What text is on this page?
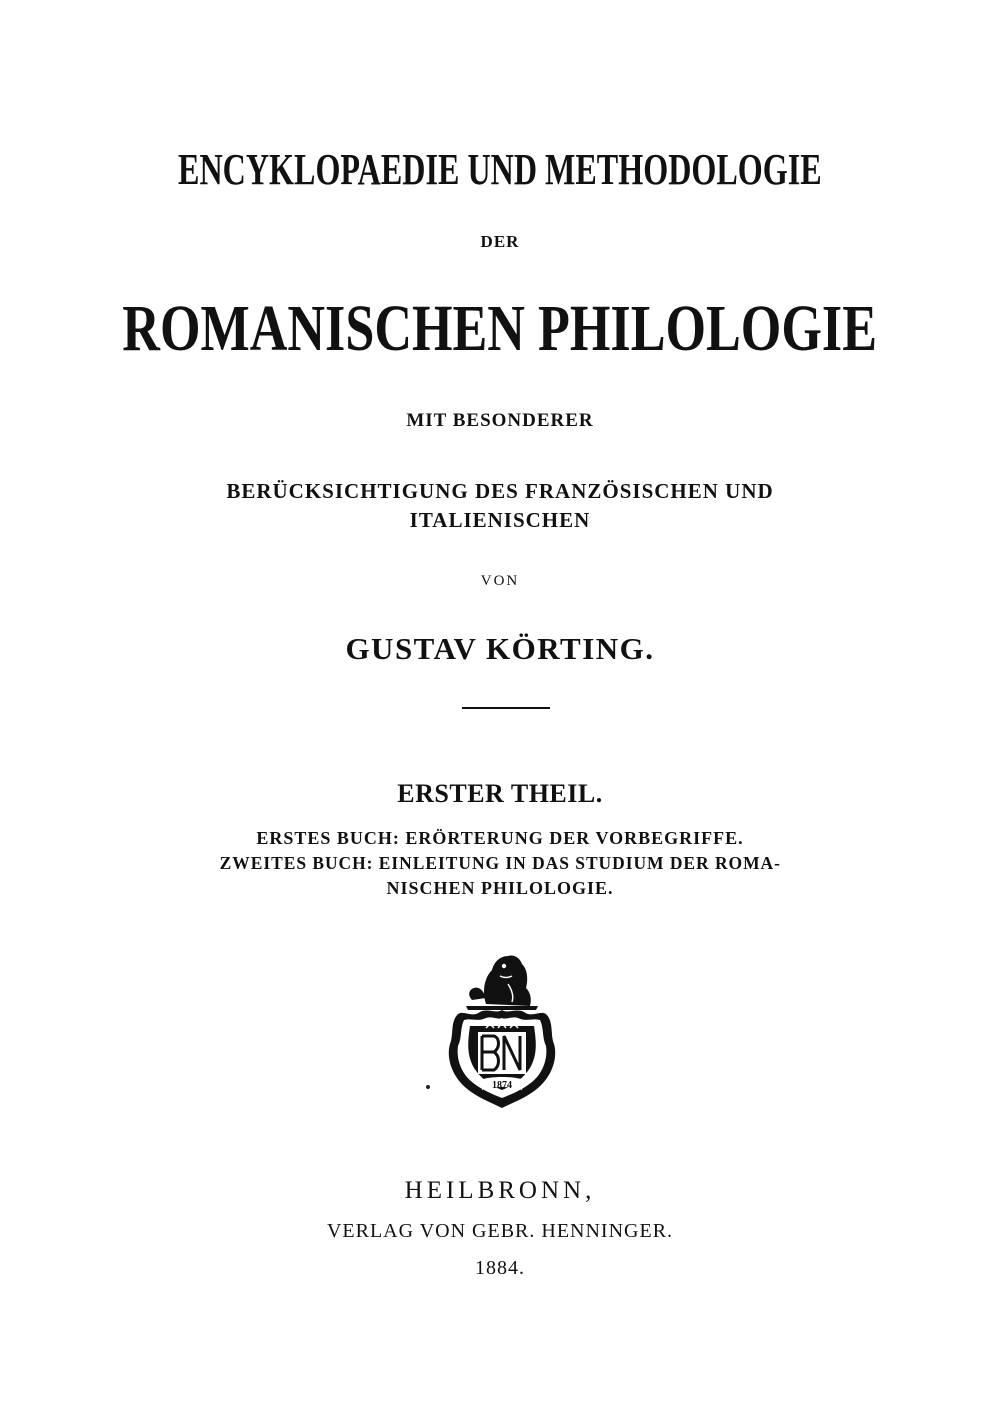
ENCYKLOPAEDIE UND METHODOLOGIE
DER
ROMANISCHEN PHILOLOGIE
MIT BESONDERER
BERÜCKSICHTIGUNG DES FRANZÖSISCHEN UND
ITALIENISCHEN
VON
GUSTAV KÖRTING.
ERSTER THEIL.
ERSTES BUCH: ERÖRTERUNG DER VORBEGRIFFE.
ZWEITES BUCH: EINLEITUNG IN DAS STUDIUM DER ROMA-
NISCHEN PHILOLOGIE.
1874
HEILBRONN,
VERLAG VON GEBR. HENNINGER.
1884.
